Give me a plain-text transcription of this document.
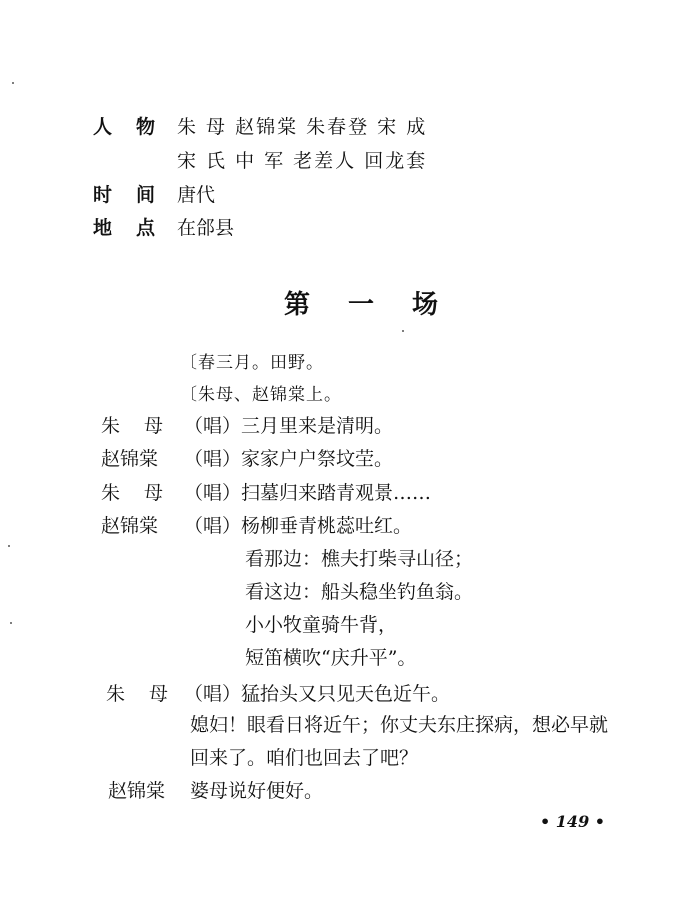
人物
朱 母 赵锦棠 朱春登 宋 成
宋 氏 中 军 老差人 回龙套
时间
唐代
地点
在郃县
第一场
〔春三月。田野。
〔朱母、赵锦棠上。
朱母
（唱）三月里来是清明。
赵锦棠 （唱）家家户户祭坟茔。
朱母
（唱）扫墓归来踏青观景……
赵锦棠 （唱）杨柳垂青桃蕊吐红。
看那边：樵夫打柴寻山径；
看这边：船头稳坐钓鱼翁。
小小牧童骑牛背，
短笛横吹“庆升平”。
朱母
（唱）猛抬头又只见天色近午。
媳妇！眼看日将近午；你丈夫东庄探病，想必早就
回来了。咱们也回去了吧？
赵锦棠 婆母说好便好。
• 149 •
